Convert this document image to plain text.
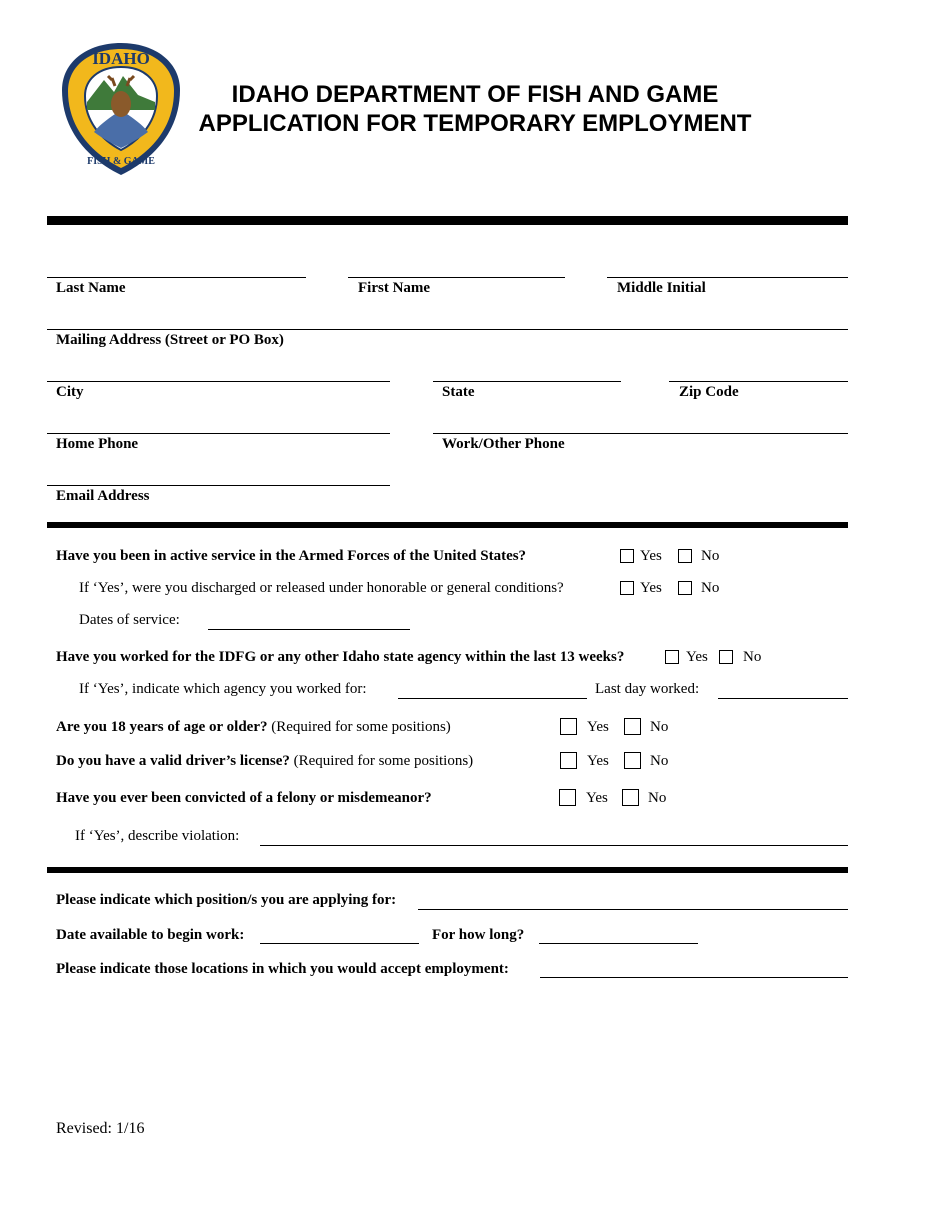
IDAHO
FISH & GAME
IDAHO DEPARTMENT OF FISH AND GAME
APPLICATION FOR TEMPORARY EMPLOYMENT
Last Name	First Name	Middle Initial
Mailing Address (Street or PO Box)
City	State	Zip Code
Home Phone	Work/Other Phone
Email Address
Have you been in active service in the Armed Forces of the United States?	Yes	No
If ‘Yes’, were you discharged or released under honorable or general conditions?	Yes	No
Dates of service:
Have you worked for the IDFG or any other Idaho state agency within the last 13 weeks?	Yes No
If ‘Yes’, indicate which agency you worked for:	Last day worked:
Are you 18 years of age or older? (Required for some positions)	Yes	No
Do you have a valid driver’s license? (Required for some positions)	Yes	No
Have you ever been convicted of a felony or misdemeanor?	Yes	No
If ‘Yes’, describe violation:
Please indicate which position/s you are applying for:
Date available to begin work:	For how long?
Please indicate those locations in which you would accept employment:
Revised: 1/16
